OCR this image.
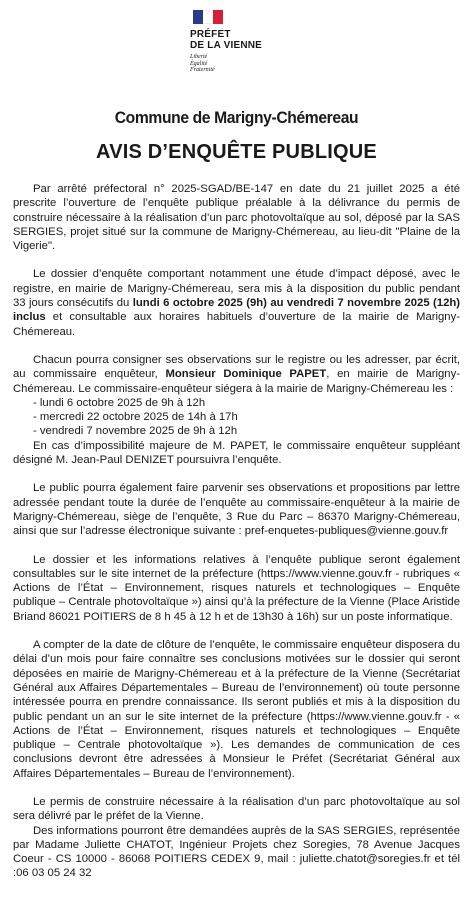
PRÉFET
DE LA VIENNE
Liberté
Égalité
Fraternité
Commune de Marigny-Chémereau
AVIS D’ENQUÊTE PUBLIQUE

Par arrêté préfectoral n° 2025-SGAD/BE-147 en date du 21 juillet 2025 a été prescrite l’ouverture de l’enquête publique préalable à la délivrance du permis de construire nécessaire à la réalisation d’un parc photovoltaïque au sol, déposé par la SAS SERGIES, projet situé sur la commune de Marigny-Chémereau, au lieu-dit "Plaine de la Vigerie".

Le dossier d’enquête comportant notamment une étude d’impact déposé, avec le registre, en mairie de Marigny-Chémereau, sera mis à la disposition du public pendant 33 jours consécutifs du lundi 6 octobre 2025 (9h) au vendredi 7 novembre 2025 (12h) inclus et consultable aux horaires habituels d’ouverture de la mairie de Marigny-Chémereau.

Chacun pourra consigner ses observations sur le registre ou les adresser, par écrit, au commissaire enquêteur, Monsieur Dominique PAPET, en mairie de Marigny-Chémereau. Le commissaire-enquêteur siégera à la mairie de Marigny-Chémereau les :

- lundi 6 octobre 2025 de 9h à 12h

- mercredi 22 octobre 2025 de 14h à 17h

- vendredi 7 novembre 2025 de 9h à 12h

En cas d’impossibilité majeure de M. PAPET, le commissaire enquêteur suppléant désigné M. Jean-Paul DENIZET poursuivra l’enquête.

Le public pourra également faire parvenir ses observations et propositions par lettre adressée pendant toute la durée de l’enquête au commissaire-enquêteur à la mairie de Marigny-Chémereau, siège de l’enquête, 3 Rue du Parc – 86370 Marigny-Chémereau, ainsi que sur l’adresse électronique suivante : pref-enquetes-publiques@vienne.gouv.fr

Le dossier et les informations relatives à l’enquête publique seront également consultables sur le site internet de la préfecture (https://www.vienne.gouv.fr - rubriques « Actions de l’État – Environnement, risques naturels et technologiques – Enquête publique – Centrale photovoltaïque ») ainsi qu’à la préfecture de la Vienne (Place Aristide Briand 86021 POITIERS de 8 h 45 à 12 h et de 13h30 à 16h) sur un poste informatique.

A compter de la date de clôture de l’enquête, le commissaire enquêteur disposera du délai d’un mois pour faire connaître ses conclusions motivées sur le dossier qui seront déposées en mairie de Marigny-Chémereau et à la préfecture de la Vienne (Secrétariat Général aux Affaires Départementales – Bureau de l’environnement) où toute personne intéressée pourra en prendre connaissance. Ils seront publiés et mis à la disposition du public pendant un an sur le site internet de la préfecture (https://www.vienne.gouv.fr - « Actions de l’État – Environnement, risques naturels et technologiques – Enquête publique – Centrale photovoltaïque »). Les demandes de communication de ces conclusions devront être adressées à Monsieur le Préfet (Secrétariat Général aux Affaires Départementales – Bureau de l’environnement).

Le permis de construire nécessaire à la réalisation d’un parc photovoltaïque au sol sera délivré par le préfet de la Vienne.

Des informations pourront être demandées auprès de la SAS SERGIES, représentée par Madame Juliette CHATOT, Ingénieur Projets chez Soregies, 78 Avenue Jacques Coeur - CS 10000 - 86068 POITIERS CEDEX 9, mail : juliette.chatot@soregies.fr et tél :06 03 05 24 32
